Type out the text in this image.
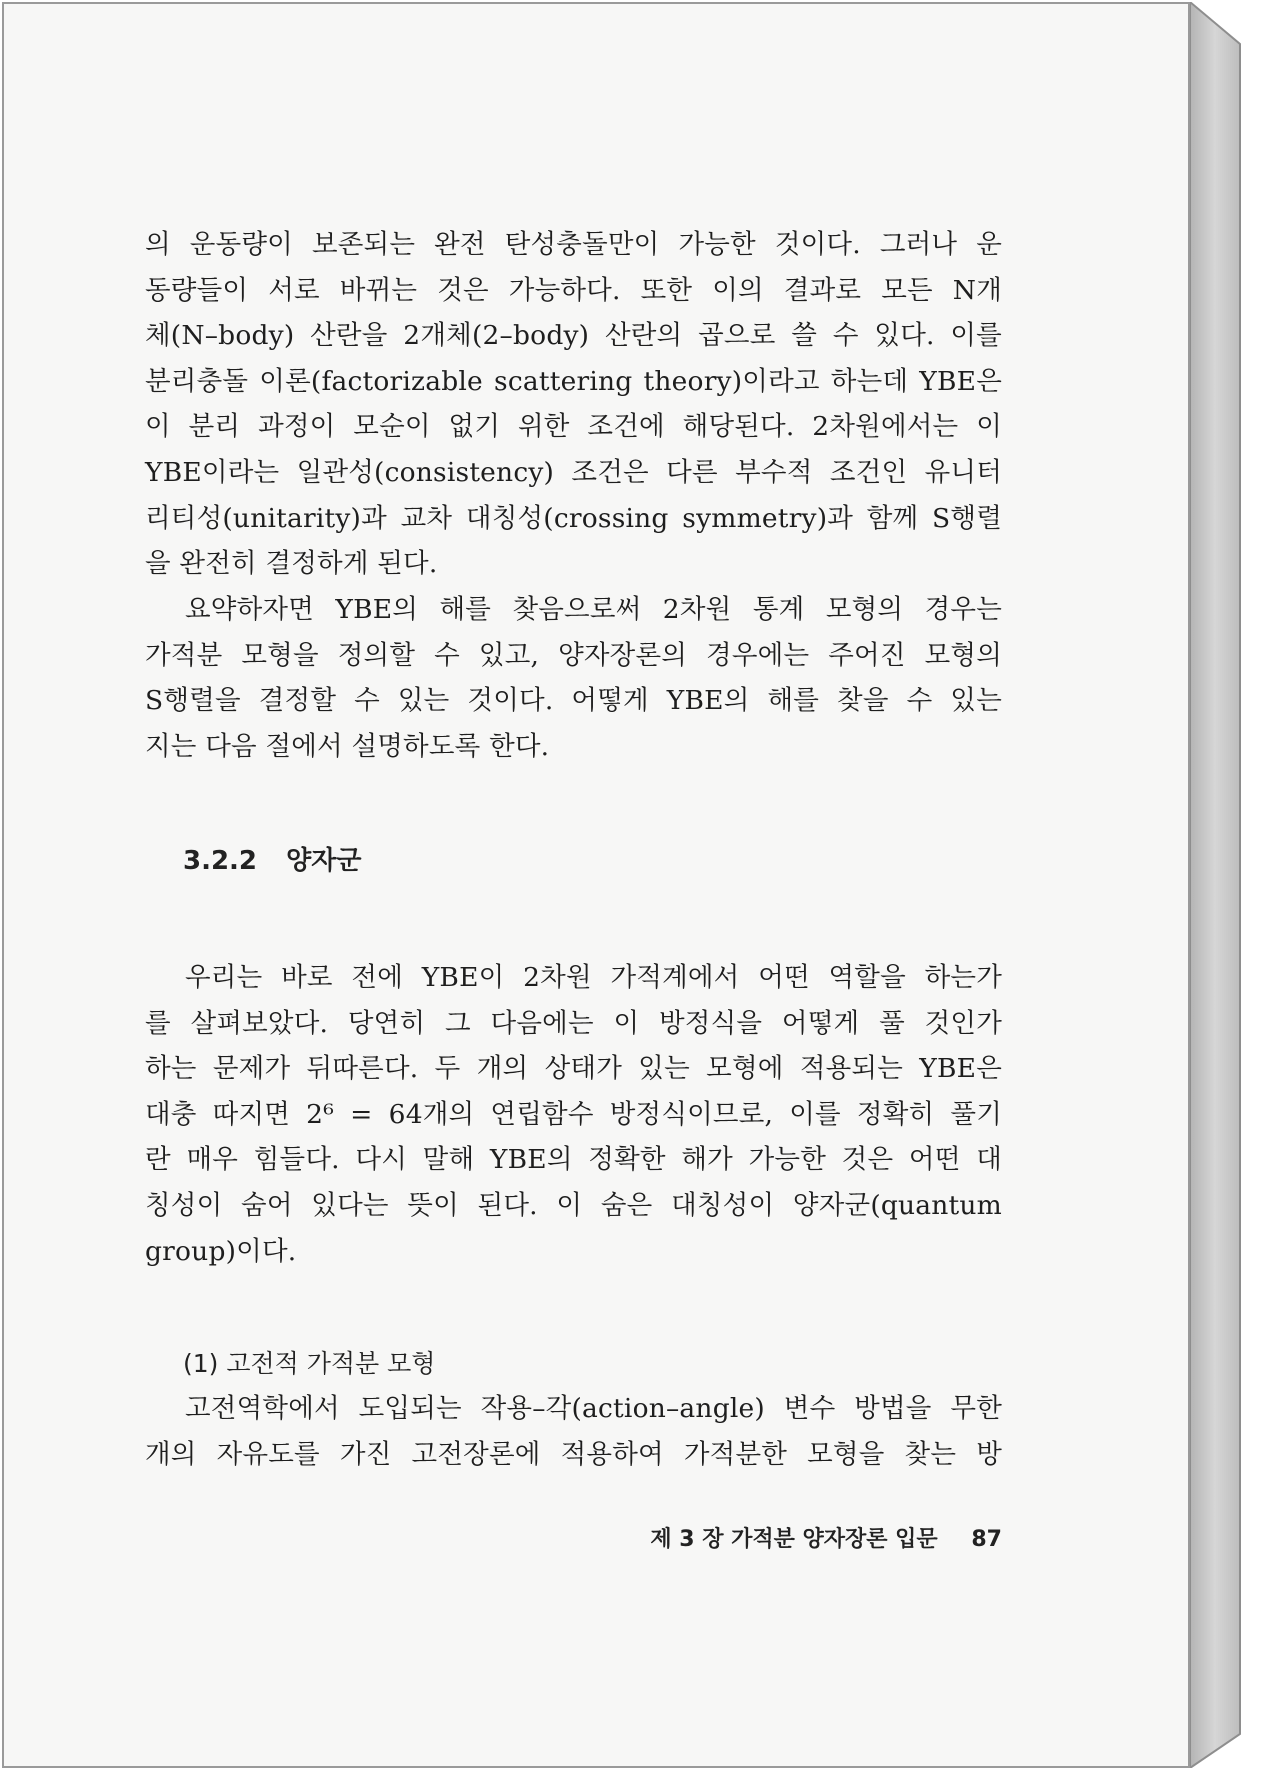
의 운동량이 보존되는 완전 탄성충돌만이 가능한 것이다. 그러나 운
동량들이 서로 바뀌는 것은 가능하다. 또한 이의 결과로 모든 N개
체(N–body) 산란을 2개체(2–body) 산란의 곱으로 쓸 수 있다. 이를
분리충돌 이론(factorizable scattering theory)이라고 하는데 YBE은
이 분리 과정이 모순이 없기 위한 조건에 해당된다. 2차원에서는 이
YBE이라는 일관성(consistency) 조건은 다른 부수적 조건인 유니터
리티성(unitarity)과 교차 대칭성(crossing symmetry)과 함께 S행렬
을 완전히 결정하게 된다.
요약하자면 YBE의 해를 찾음으로써 2차원 통계 모형의 경우는
가적분 모형을 정의할 수 있고, 양자장론의 경우에는 주어진 모형의
S행렬을 결정할 수 있는 것이다. 어떻게 YBE의 해를 찾을 수 있는
지는 다음 절에서 설명하도록 한다.
3.2.2 양자군
우리는 바로 전에 YBE이 2차원 가적계에서 어떤 역할을 하는가
를 살펴보았다. 당연히 그 다음에는 이 방정식을 어떻게 풀 것인가
하는 문제가 뒤따른다. 두 개의 상태가 있는 모형에 적용되는 YBE은
대충 따지면 2⁶ = 64개의 연립함수 방정식이므로, 이를 정확히 풀기
란 매우 힘들다. 다시 말해 YBE의 정확한 해가 가능한 것은 어떤 대
칭성이 숨어 있다는 뜻이 된다. 이 숨은 대칭성이 양자군(quantum
group)이다.
(1) 고전적 가적분 모형
고전역학에서 도입되는 작용–각(action–angle) 변수 방법을 무한
개의 자유도를 가진 고전장론에 적용하여 가적분한 모형을 찾는 방
제 3 장 가적분 양자장론 입문 87
